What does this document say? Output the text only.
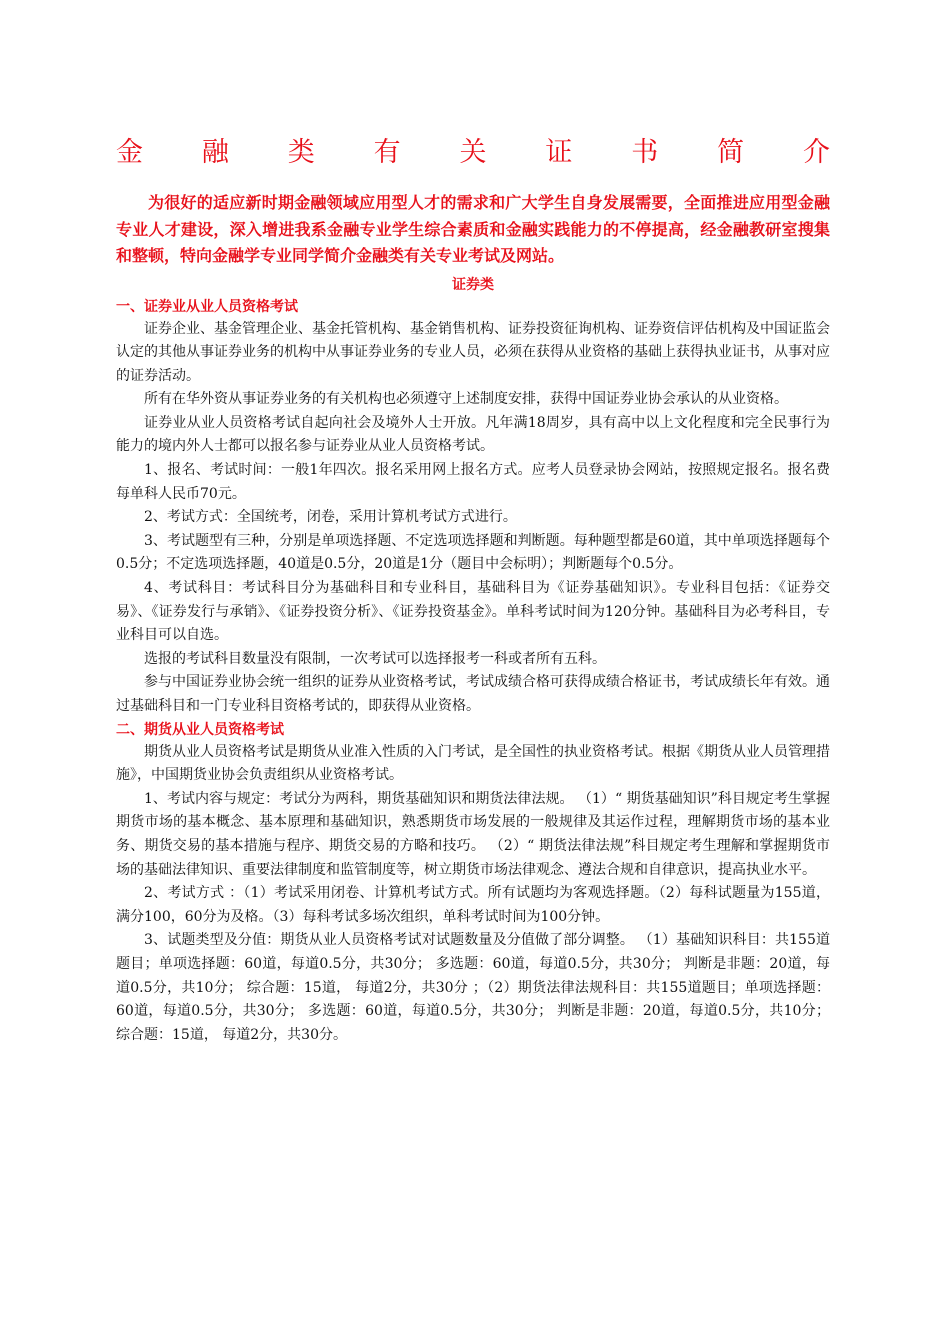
金 融 类 有 关 证 书 简 介

为很好的适应新时期金融领域应用型人才的需求和广大学生自身发展需要，全面推进应用型金融专业人才建设，深入增进我系金融专业学生综合素质和金融实践能力的不停提高，经金融教研室搜集和整顿，特向金融学专业同学简介金融类有关专业考试及网站。

证券类
一、证券业从业人员资格考试

证券企业、基金管理企业、基金托管机构、基金销售机构、证券投资征询机构、证券资信评估机构及中国证监会认定的其他从事证券业务的机构中从事证券业务的专业人员，必须在获得从业资格的基础上获得执业证书，从事对应的证券活动。

所有在华外资从事证券业务的有关机构也必须遵守上述制度安排，获得中国证券业协会承认的从业资格。

证券业从业人员资格考试自起向社会及境外人士开放。凡年满18周岁，具有高中以上文化程度和完全民事行为能力的境内外人士都可以报名参与证券业从业人员资格考试。

1、报名、考试时间：一般1年四次。报名采用网上报名方式。应考人员登录协会网站，按照规定报名。报名费每单科人民币70元。

2、考试方式：全国统考，闭卷，采用计算机考试方式进行。

3、考试题型有三种，分别是单项选择题、不定选项选择题和判断题。每种题型都是60道，其中单项选择题每个0.5分；不定选项选择题，40道是0.5分，20道是1分（题目中会标明）；判断题每个0.5分。

4、考试科目：考试科目分为基础科目和专业科目，基础科目为《证券基础知识》。专业科目包括：《证券交易》、《证券发行与承销》、《证券投资分析》、《证券投资基金》。单科考试时间为120分钟。基础科目为必考科目，专业科目可以自选。

选报的考试科目数量没有限制，一次考试可以选择报考一科或者所有五科。

参与中国证券业协会统一组织的证券从业资格考试，考试成绩合格可获得成绩合格证书，考试成绩长年有效。通过基础科目和一门专业科目资格考试的，即获得从业资格。

二、期货从业人员资格考试

期货从业人员资格考试是期货从业准入性质的入门考试，是全国性的执业资格考试。根据《期货从业人员管理措施》，中国期货业协会负责组织从业资格考试。

1、考试内容与规定：考试分为两科，期货基础知识和期货法律法规。 （1）“ 期货基础知识”科目规定考生掌握期货市场的基本概念、基本原理和基础知识，熟悉期货市场发展的一般规律及其运作过程，理解期货市场的基本业务、期货交易的基本措施与程序、期货交易的方略和技巧。 （2）“ 期货法律法规”科目规定考生理解和掌握期货市场的基础法律知识、重要法律制度和监管制度等，树立期货市场法律观念、遵法合规和自律意识，提高执业水平。

2、考试方式 ：（1）考试采用闭卷、计算机考试方式。所有试题均为客观选择题。（2）每科试题量为155道，满分100，60分为及格。（3）每科考试多场次组织，单科考试时间为100分钟。

3、试题类型及分值：期货从业人员资格考试对试题数量及分值做了部分调整。 （1）基础知识科目：共155道题目；单项选择题：60道，每道0.5分，共30分； 多选题：60道，每道0.5分，共30分； 判断是非题：20道，每道0.5分，共10分； 综合题：15道， 每道2分，共30分 ；（2）期货法律法规科目：共155道题目；单项选择题：60道，每道0.5分，共30分； 多选题：60道，每道0.5分，共30分； 判断是非题：20道，每道0.5分，共10分； 综合题：15道， 每道2分，共30分。
